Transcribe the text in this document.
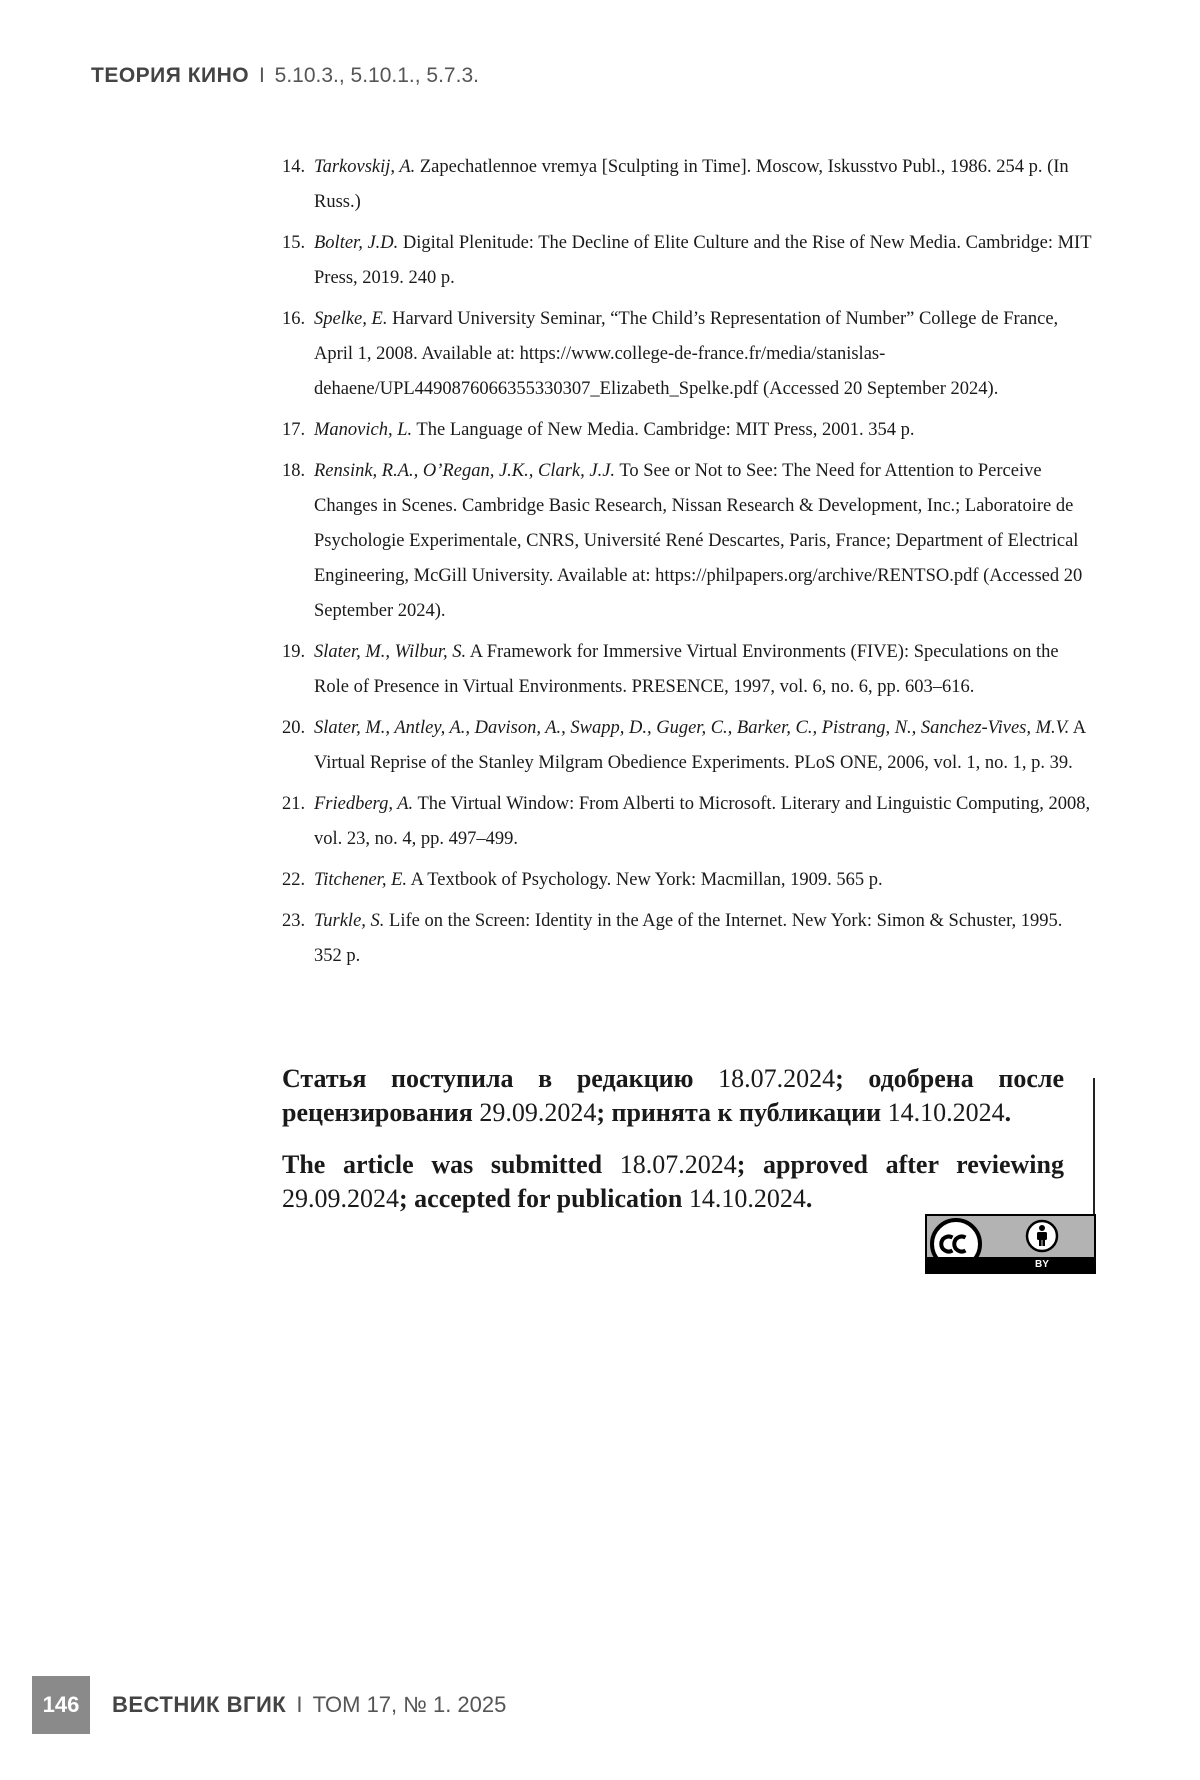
ТЕОРИЯ КИНО I 5.10.3., 5.10.1., 5.7.3.
14. Tarkovskij, A. Zapechatlennoe vremya [Sculpting in Time]. Moscow, Iskusstvo Publ., 1986. 254 p. (In Russ.)
15. Bolter, J.D. Digital Plenitude: The Decline of Elite Culture and the Rise of New Media. Cambridge: MIT Press, 2019. 240 p.
16. Spelke, E. Harvard University Seminar, “The Child’s Representation of Number” College de France, April 1, 2008. Available at: https://www.college-de-france.fr/media/stanislas-dehaene/UPL4490876066355330307_Elizabeth_Spelke.pdf (Accessed 20 September 2024).
17. Manovich, L. The Language of New Media. Cambridge: MIT Press, 2001. 354 p.
18. Rensink, R.A., O’Regan, J.K., Clark, J.J. To See or Not to See: The Need for Attention to Perceive Changes in Scenes. Cambridge Basic Research, Nissan Research & Development, Inc.; Laboratoire de Psychologie Experimentale, CNRS, Université René Descartes, Paris, France; Department of Electrical Engineering, McGill University. Available at: https://philpapers.org/archive/RENTSO.pdf (Accessed 20 September 2024).
19. Slater, M., Wilbur, S. A Framework for Immersive Virtual Environments (FIVE): Speculations on the Role of Presence in Virtual Environments. PRESENCE, 1997, vol. 6, no. 6, pp. 603–616.
20. Slater, M., Antley, A., Davison, A., Swapp, D., Guger, C., Barker, C., Pistrang, N., Sanchez-Vives, M.V. A Virtual Reprise of the Stanley Milgram Obedience Experiments. PLoS ONE, 2006, vol. 1, no. 1, p. 39.
21. Friedberg, A. The Virtual Window: From Alberti to Microsoft. Literary and Linguistic Computing, 2008, vol. 23, no. 4, pp. 497–499.
22. Titchener, E. A Textbook of Psychology. New York: Macmillan, 1909. 565 p.
23. Turkle, S. Life on the Screen: Identity in the Age of the Internet. New York: Simon & Schuster, 1995. 352 p.

Статья поступила в редакцию 18.07.2024; одобрена после рецензирования 29.09.2024; принята к публикации 14.10.2024.

The article was submitted 18.07.2024; approved after reviewing 29.09.2024; accepted for publication 14.10.2024.

BY
146	ВЕСТНИК ВГИК I ТОМ 17, № 1. 2025
